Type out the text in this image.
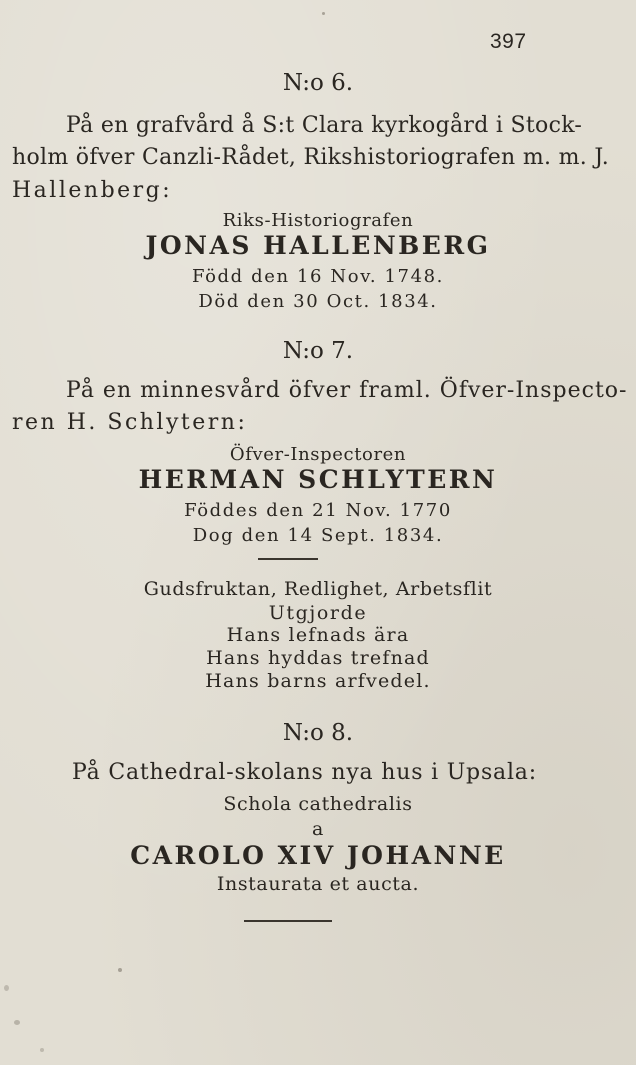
397

N:o 6.

På en grafvård å S:t Clara kyrkogård i Stock-

holm öfver Canzli-Rådet, Rikshistoriografen m. m. J.

Hallenberg:

Riks-Historiografen

JONAS HALLENBERG

Född den 16 Nov. 1748.

Död den 30 Oct. 1834.

N:o 7.

På en minnesvård öfver framl. Öfver-Inspecto-

ren H. Schlytern:

Öfver-Inspectoren

HERMAN SCHLYTERN

Föddes den 21 Nov. 1770

Dog den 14 Sept. 1834.

Gudsfruktan, Redlighet, Arbetsflit

Utgjorde

Hans lefnads ära

Hans hyddas trefnad

Hans barns arfvedel.

N:o 8.

På Cathedral-skolans nya hus i Upsala:

Schola cathedralis

a

CAROLO XIV JOHANNE

Instaurata et aucta.
